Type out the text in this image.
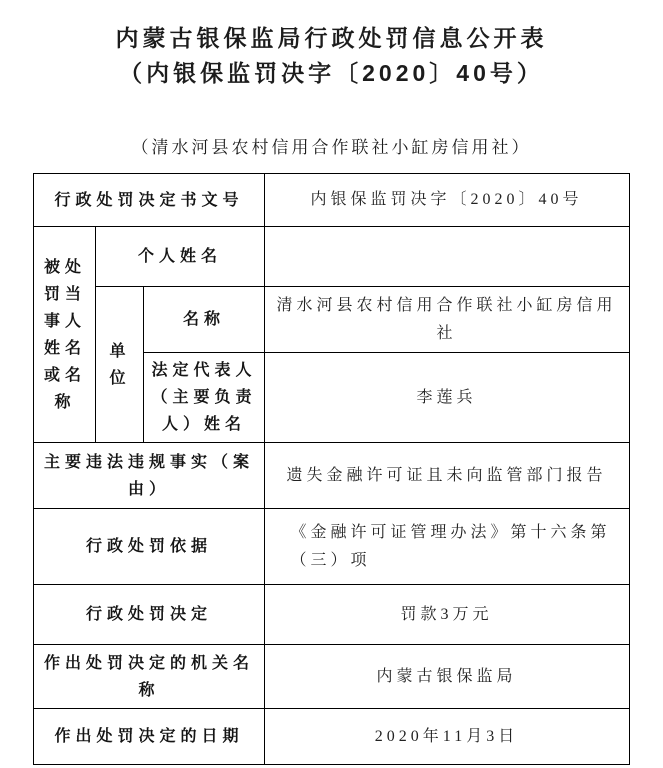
内蒙古银保监局行政处罚信息公开表
（内银保监罚决字〔2020〕40号）
（清水河县农村信用合作联社小缸房信用社）
行政处罚决定书文号			内银保监罚决字〔2020〕40号
被处罚当事人姓名或名称	个人姓名		
	单位	名称	清水河县农村信用合作联社小缸房信用社
		法定代表人（主要负责人）姓名	李莲兵
主要违法违规事实（案由）			遗失金融许可证且未向监管部门报告
行政处罚依据			《金融许可证管理办法》第十六条第（三）项
行政处罚决定			罚款3万元
作出处罚决定的机关名称			内蒙古银保监局
作出处罚决定的日期			2020年11月3日
